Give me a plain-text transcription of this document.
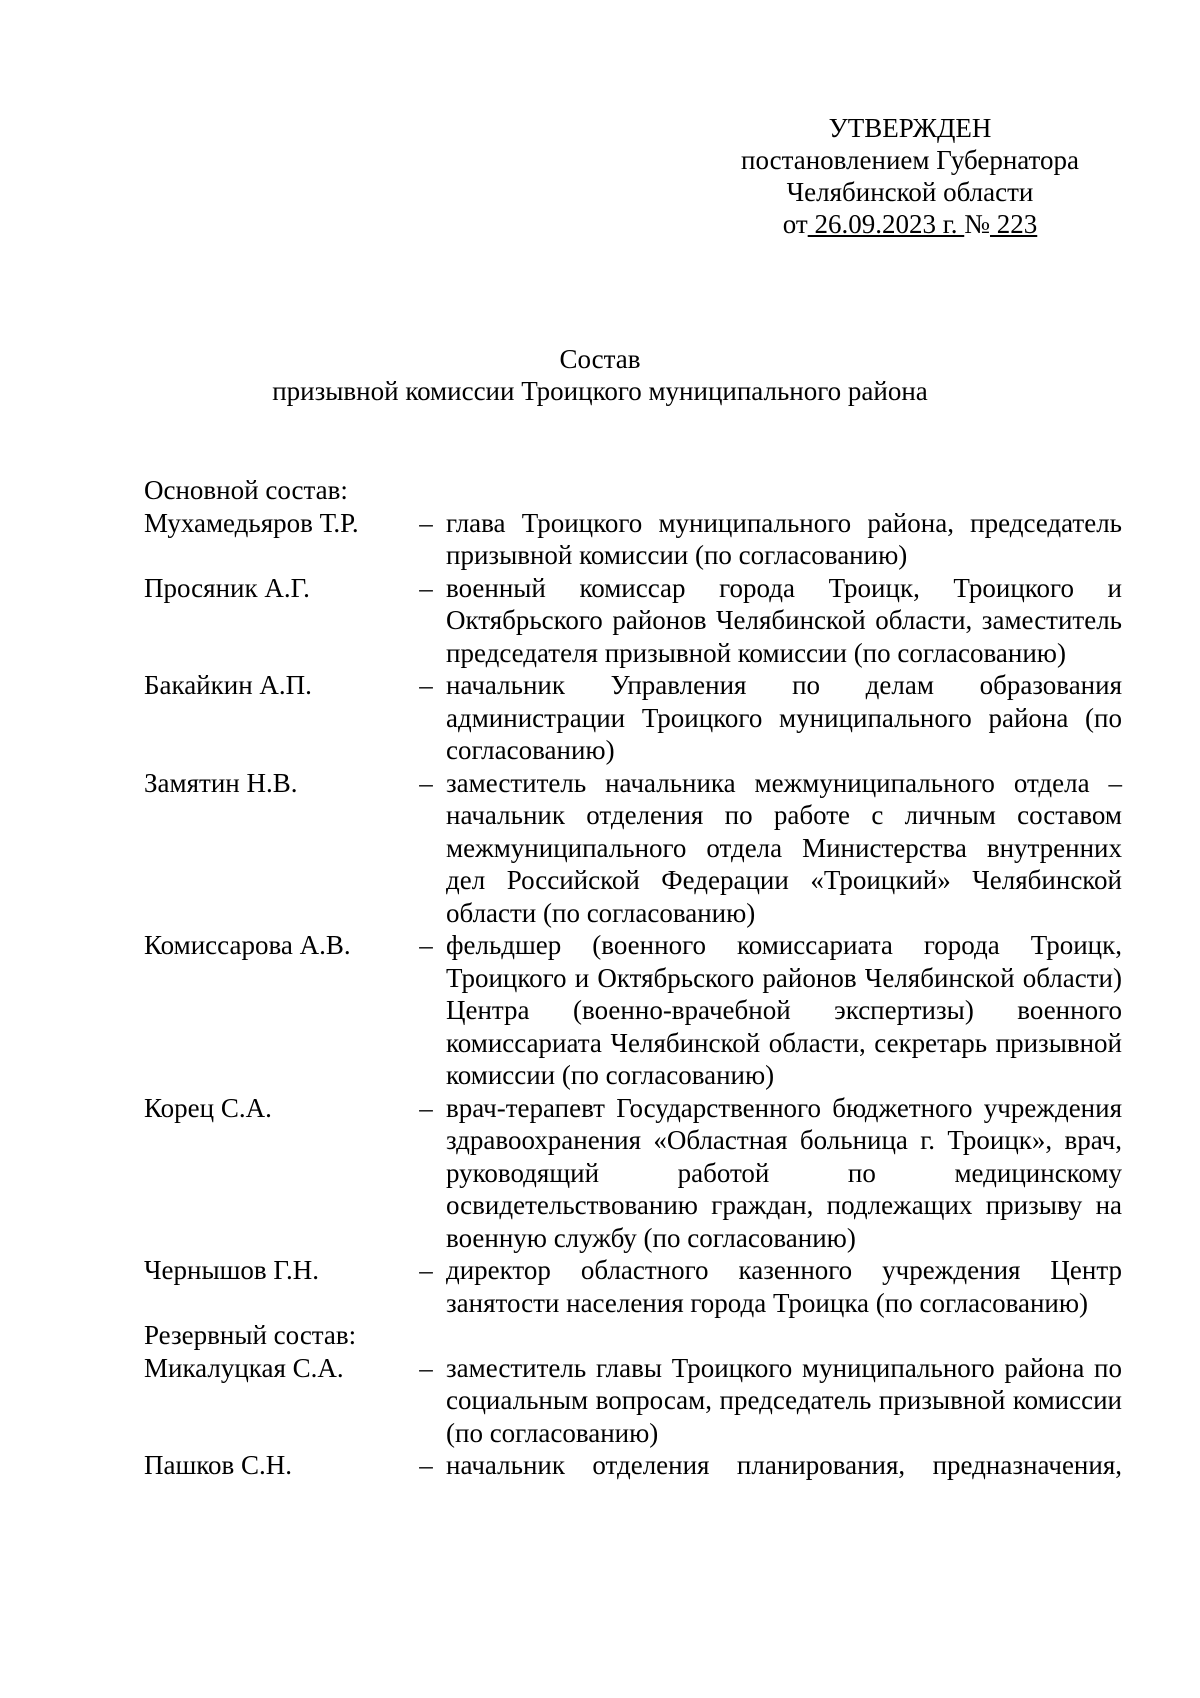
УТВЕРЖДЕН
постановлением Губернатора
Челябинской области
от 26.09.2023 г. № 223
Состав
призывной комиссии Троицкого муниципального района
Основной состав:
Мухамедьяров Т.Р.	– глава Троицкого муниципального района, председатель призывной комиссии (по согласованию)
Просяник А.Г.	– военный комиссар города Троицк, Троицкого и Октябрьского районов Челябинской области, заместитель председателя призывной комиссии (по согласованию)
Бакайкин А.П.	– начальник Управления по делам образования администрации Троицкого муниципального района (по согласованию)
Замятин Н.В.	– заместитель начальника межмуниципального отдела – начальник отделения по работе с личным составом межмуниципального отдела Министерства внутренних дел Российской Федерации «Троицкий» Челябинской области (по согласованию)
Комиссарова А.В.	– фельдшер (военного комиссариата города Троицк, Троицкого и Октябрьского районов Челябинской области) Центра (военно-врачебной экспертизы) военного комиссариата Челябинской области, секретарь призывной комиссии (по согласованию)
Корец С.А.	– врач-терапевт Государственного бюджетного учреждения здравоохранения «Областная больница г. Троицк», врач, руководящий работой по медицинскому освидетельствованию граждан, подлежащих призыву на военную службу (по согласованию)
Чернышов Г.Н.	– директор областного казенного учреждения Центр занятости населения города Троицка (по согласованию)
Резервный состав:
Микалуцкая С.А.	– заместитель главы Троицкого муниципального района по социальным вопросам, председатель призывной комиссии (по согласованию)
Пашков С.Н.	– начальник отделения планирования, предназначения,
